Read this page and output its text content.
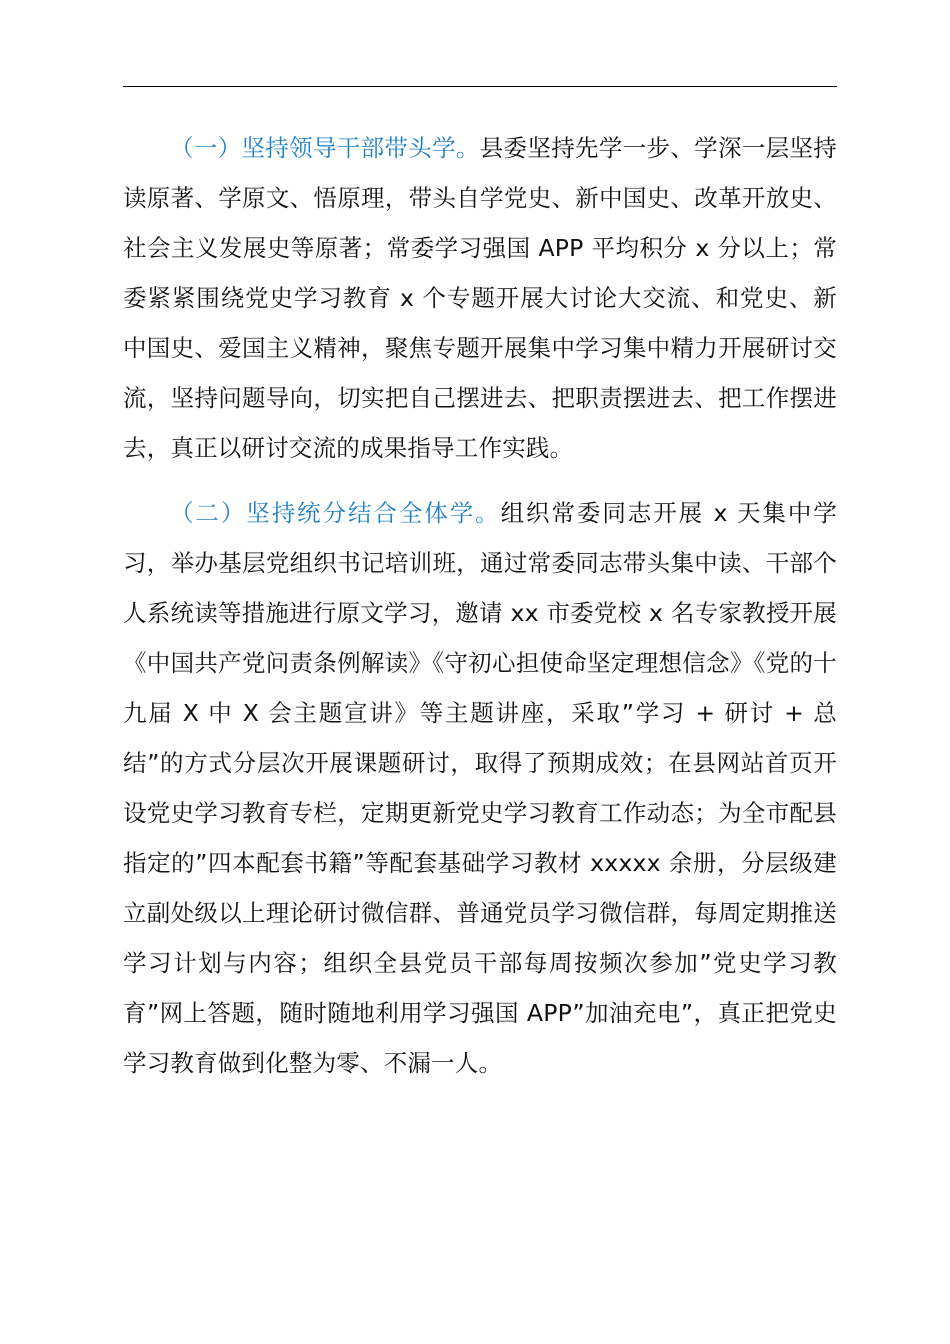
（一）坚持领导干部带头学。县委坚持先学一步、学深一层坚持读原著、学原文、悟原理，带头自学党史、新中国史、改革开放史、社会主义发展史等原著；常委学习强国 APP 平均积分 x 分以上；常委紧紧围绕党史学习教育 x 个专题开展大讨论大交流、和党史、新中国史、爱国主义精神，聚焦专题开展集中学习集中精力开展研讨交流，坚持问题导向，切实把自己摆进去、把职责摆进去、把工作摆进去，真正以研讨交流的成果指导工作实践。

（二）坚持统分结合全体学。组织常委同志开展 x 天集中学习，举办基层党组织书记培训班，通过常委同志带头集中读、干部个人系统读等措施进行原文学习，邀请 xx 市委党校 x 名专家教授开展《中国共产党问责条例解读》《守初心担使命坚定理想信念》《党的十九届 X 中 X 会主题宣讲》等主题讲座，采取”学习 + 研讨 + 总结”的方式分层次开展课题研讨，取得了预期成效；在县网站首页开设党史学习教育专栏，定期更新党史学习教育工作动态；为全市配县指定的”四本配套书籍”等配套基础学习教材 xxxxx 余册，分层级建立副处级以上理论研讨微信群、普通党员学习微信群，每周定期推送学习计划与内容；组织全县党员干部每周按频次参加”党史学习教育”网上答题，随时随地利用学习强国 APP”加油充电”，真正把党史学习教育做到化整为零、不漏一人。
